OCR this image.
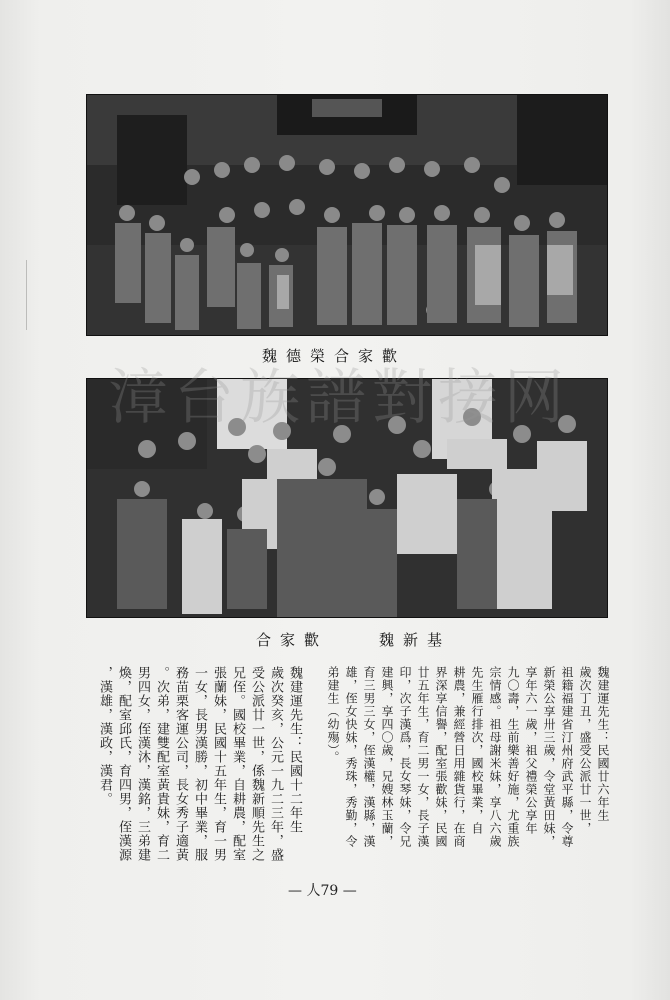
魏德榮合家歡
合家歡	魏新基
漳台族譜對接网
魏建運先生：民國廿六年生
歲次丁丑，盛受公派廿一世，
祖籍福建省汀州府武平縣，令尊
新榮公享卅三歲，令堂黃田妹，
享年六一歲，祖父禮榮公享年
九〇壽，生前樂善好施，尤重族
宗情感。祖母謝米妹，享八六歲
先生雁行排次，國校畢業，自
耕農，兼經營日用雜貨行，在商
界深享信譽，配室張歡妹，民國
廿五年生，育二男一女，長子漢
印，次子漢爲，長女琴妹，令兄
建興，享四〇歲，兄嫂林玉蘭，
育三男三女，侄漢權，漢縣，漢
雄，侄女快妹，秀珠，秀勤，令
弟建生（幼殤）。
魏建運先生：民國十二年生
歲次癸亥，公元一九二三年，盛
受公派廿一世，係魏新順先生之
兄侄。國校畢業，自耕農，配室
張蘭妹，民國十五年生，育一男
一女，長男漢勝，初中畢業，服
務苗栗客運公司，長女秀子適黃
。次弟，建雙配室黃貴妹，育二
男四女，侄漢沐，漢銘，三弟建
煥，配室邱氏，育四男，侄漢源
，漢雄，漢政，漢君。
— 人79 —
